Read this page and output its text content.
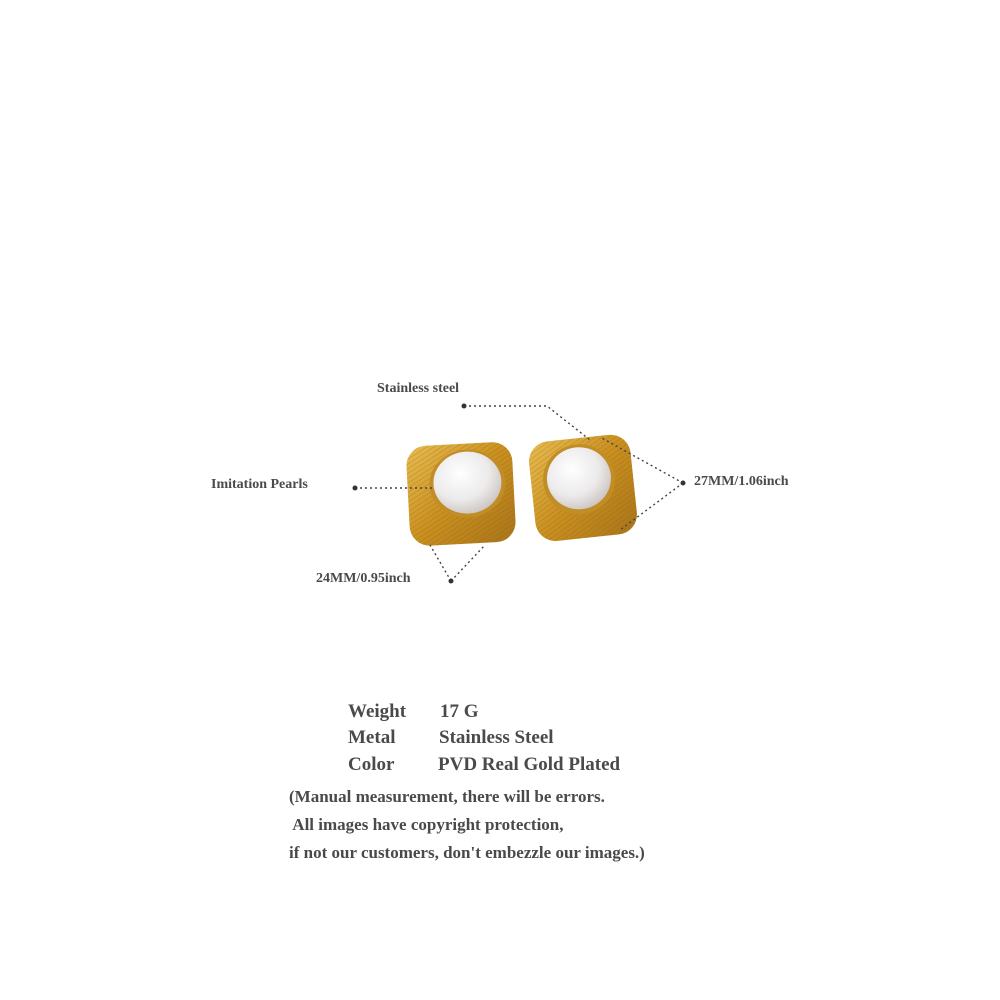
Stainless steel
Imitation Pearls	27MM/1.06inch
24MM/0.95inch
Weight 17 G
Metal Stainless Steel
Color PVD Real Gold Plated
(Manual measurement, there will be errors.
All images have copyright protection,
if not our customers, don't embezzle our images.)
